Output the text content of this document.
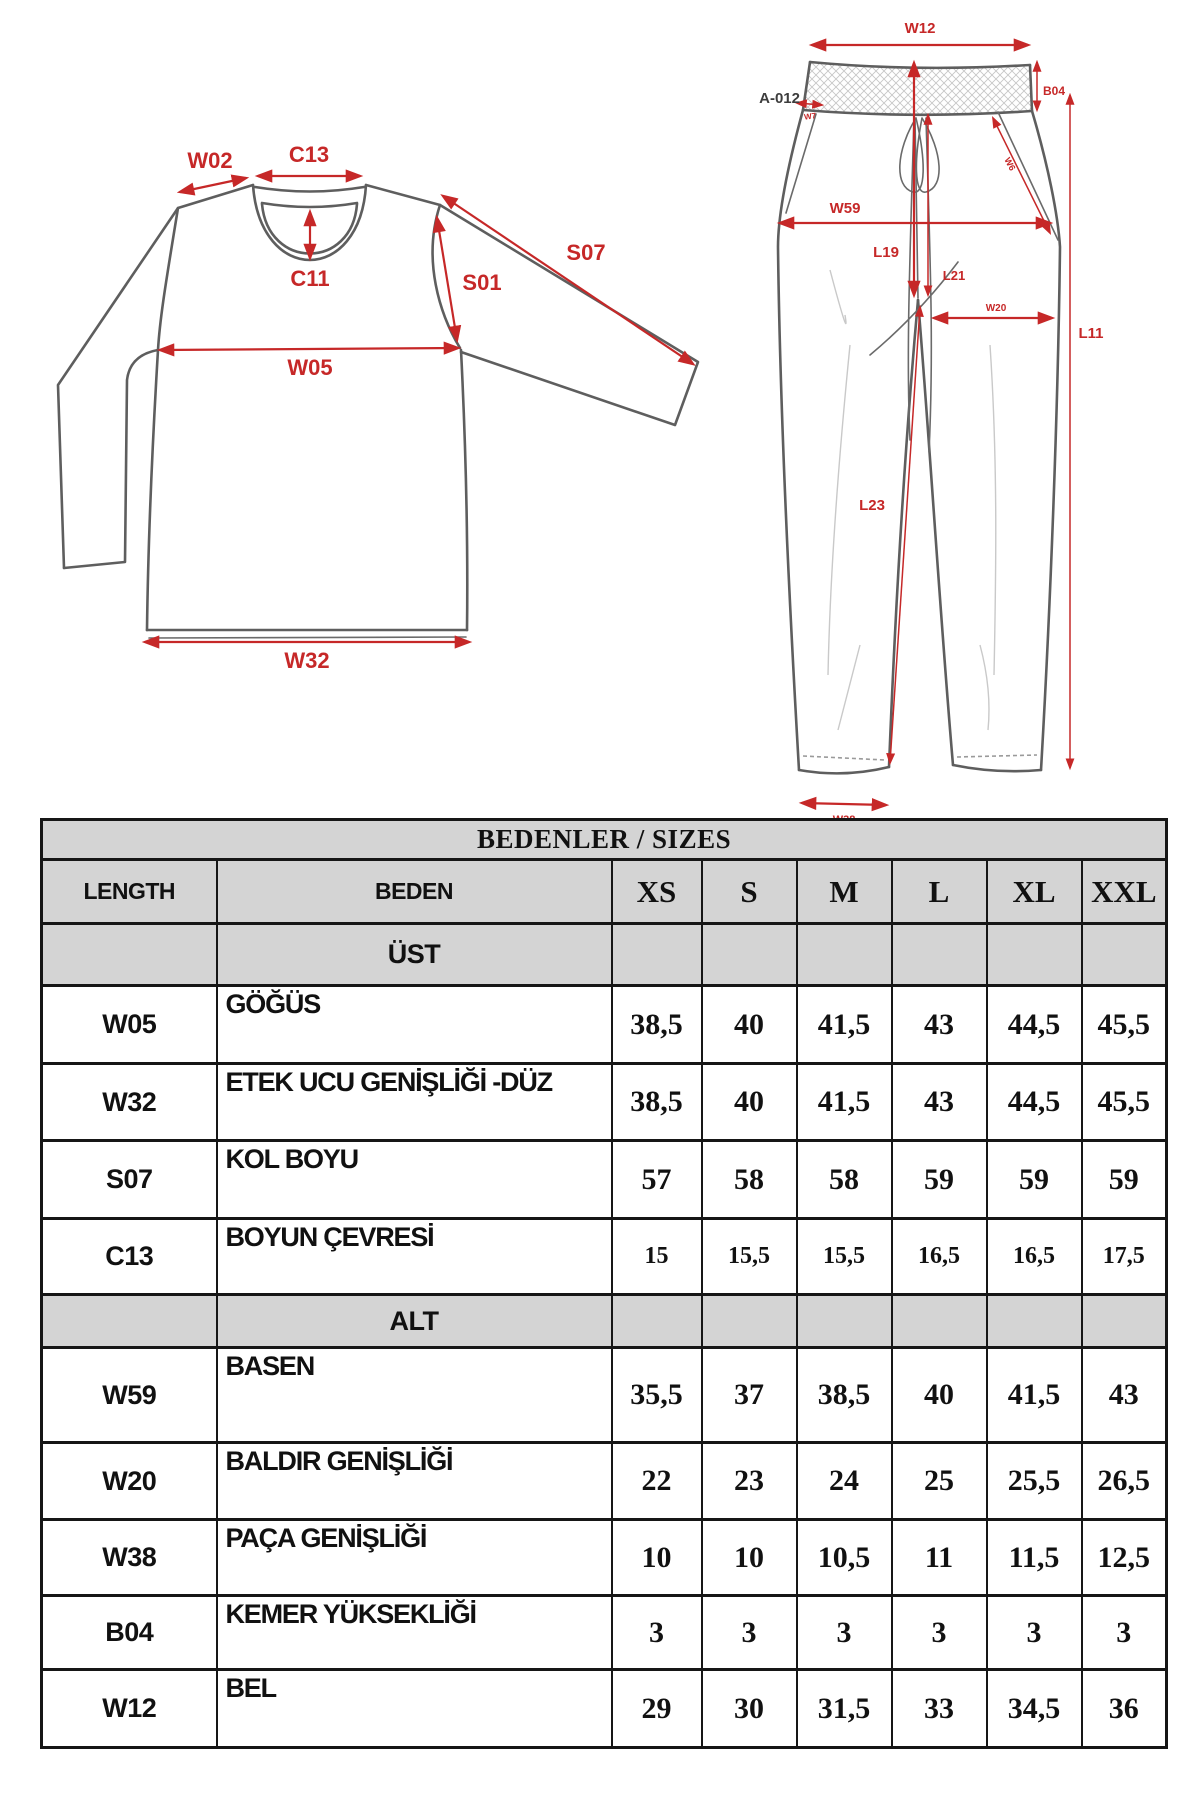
W02	C13
C11	S01
S07
W05
W32
W12
A-012
W7
B04
W6
W59
L19
L21
W20
L11
L23
BEDENLER / SIZES							
LENGTH	BEDEN	XS	S	M	L	XL	XXL
	ÜST						
W05	GÖĞÜS	38,5	40	41,5	43	44,5	45,5
W32	ETEK UCU GENİŞLİĞİ -DÜZ	38,5	40	41,5	43	44,5	45,5
S07	KOL BOYU	57	58	58	59	59	59
C13	BOYUN ÇEVRESİ	15	15,5	15,5	16,5	16,5	17,5
	ALT						
W59	BASEN	35,5	37	38,5	40	41,5	43
W20	BALDIR GENİŞLİĞİ	22	23	24	25	25,5	26,5
W38	PAÇA GENİŞLİĞİ	10	10	10,5	11	11,5	12,5
B04	KEMER YÜKSEKLİĞİ	3	3	3	3	3	3
W12	BEL	29	30	31,5	33	34,5	36
